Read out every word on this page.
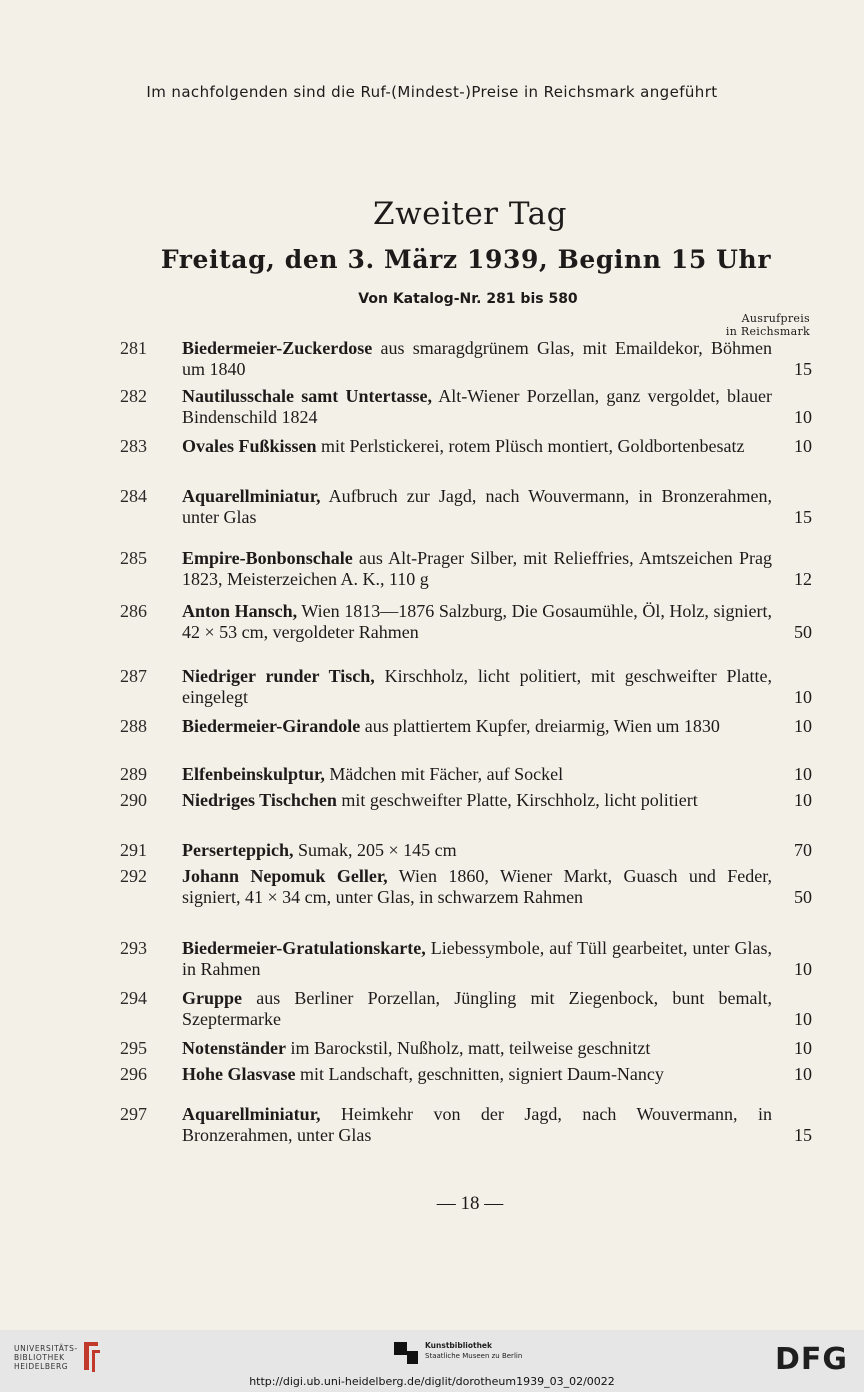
Im nachfolgenden sind die Ruf-(Mindest-)Preise in Reichsmark angeführt
Zweiter Tag
Freitag, den 3. März 1939, Beginn 15 Uhr
Von Katalog-Nr. 281 bis 580
Ausrufpreis
in Reichsmark
281	Biedermeier-Zuckerdose aus smaragdgrünem Glas, mit Emaildekor, Böhmen um 1840	15
282	Nautilusschale samt Untertasse, Alt-Wiener Porzellan, ganz vergoldet, blauer Bindenschild 1824	10
283	Ovales Fußkissen mit Perlstickerei, rotem Plüsch montiert, Goldbortenbesatz	10
284	Aquarellminiatur, Aufbruch zur Jagd, nach Wouvermann, in Bronzerahmen, unter Glas	15
285	Empire-Bonbonschale aus Alt-Prager Silber, mit Relieffries, Amtszeichen Prag 1823, Meisterzeichen A. K., 110 g	12
286	Anton Hansch, Wien 1813—1876 Salzburg, Die Gosaumühle, Öl, Holz, signiert, 42 × 53 cm, vergoldeter Rahmen	50
287	Niedriger runder Tisch, Kirschholz, licht politiert, mit geschweifter Platte, eingelegt	10
288	Biedermeier-Girandole aus plattiertem Kupfer, dreiarmig, Wien um 1830	10
289	Elfenbeinskulptur, Mädchen mit Fächer, auf Sockel	10
290	Niedriges Tischchen mit geschweifter Platte, Kirschholz, licht politiert	10
291	Perserteppich, Sumak, 205 × 145 cm	70
292	Johann Nepomuk Geller, Wien 1860, Wiener Markt, Guasch und Feder, signiert, 41 × 34 cm, unter Glas, in schwarzem Rahmen	50
293	Biedermeier-Gratulationskarte, Liebessymbole, auf Tüll gearbeitet, unter Glas, in Rahmen	10
294	Gruppe aus Berliner Porzellan, Jüngling mit Ziegenbock, bunt bemalt, Szeptermarke	10
295	Notenständer im Barockstil, Nußholz, matt, teilweise geschnitzt	10
296	Hohe Glasvase mit Landschaft, geschnitten, signiert Daum-Nancy	10
297	Aquarellminiatur, Heimkehr von der Jagd, nach Wouvermann, in Bronzerahmen, unter Glas	15
— 18 —
UNIVERSITÄTS-
BIBLIOTHEK
HEIDELBERG
Kunstbibliothek
Staatliche Museen zu Berlin	DFG
http://digi.ub.uni-heidelberg.de/diglit/dorotheum1939_03_02/0022
